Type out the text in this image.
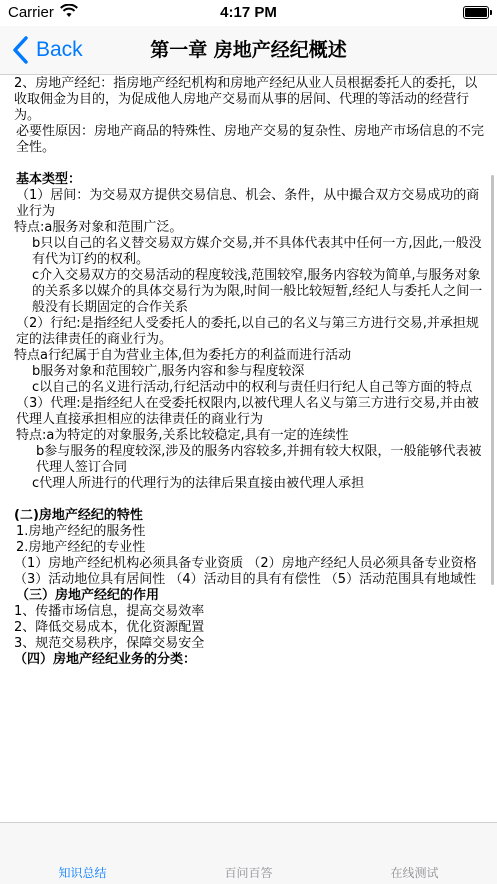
Carrier	4:17 PM
Back	第一章 房地产经纪概述

2、房地产经纪：指房地产经纪机构和房地产经纪从业人员根据委托人的委托，以收取佣金为目的，为促成他人房地产交易而从事的居间、代理的等活动的经营行为。

必要性原因：房地产商品的特殊性、房地产交易的复杂性、房地产市场信息的不完全性。

基本类型：

（1）居间：为交易双方提供交易信息、机会、条件，从中撮合双方交易成功的商业行为

特点:a服务对象和范围广泛。

b只以自己的名义替交易双方媒介交易,并不具体代表其中任何一方,因此,一般没有代为订约的权利。

c介入交易双方的交易活动的程度较浅,范围较窄,服务内容较为简单,与服务对象的关系多以媒介的具体交易行为为限,时间一般比较短暂,经纪人与委托人之间一般没有长期固定的合作关系

（2）行纪:是指经纪人受委托人的委托,以自己的名义与第三方进行交易,并承担规定的法律责任的商业行为。

特点a行纪属于自为营业主体,但为委托方的利益而进行活动

b服务对象和范围较广,服务内容和参与程度较深

c以自己的名义进行活动,行纪活动中的权利与责任归行纪人自己等方面的特点

（3）代理:是指经纪人在受委托权限内,以被代理人名义与第三方进行交易,并由被代理人直接承担相应的法律责任的商业行为

特点:a为特定的对象服务,关系比较稳定,具有一定的连续性

b参与服务的程度较深,涉及的服务内容较多,并拥有较大权限，一般能够代表被代理人签订合同

c代理人所进行的代理行为的法律后果直接由被代理人承担

(二)房地产经纪的特性

1.房地产经纪的服务性

2.房地产经纪的专业性

（1）房地产经纪机构必须具备专业资质 （2）房地产经纪人员必须具备专业资格

（3）活动地位具有居间性 （4）活动目的具有有偿性 （5）活动范围具有地域性

（三）房地产经纪的作用

1、传播市场信息，提高交易效率

2、降低交易成本，优化资源配置

3、规范交易秩序，保障交易安全

（四）房地产经纪业务的分类：

知识总结	百问百答	在线测试
